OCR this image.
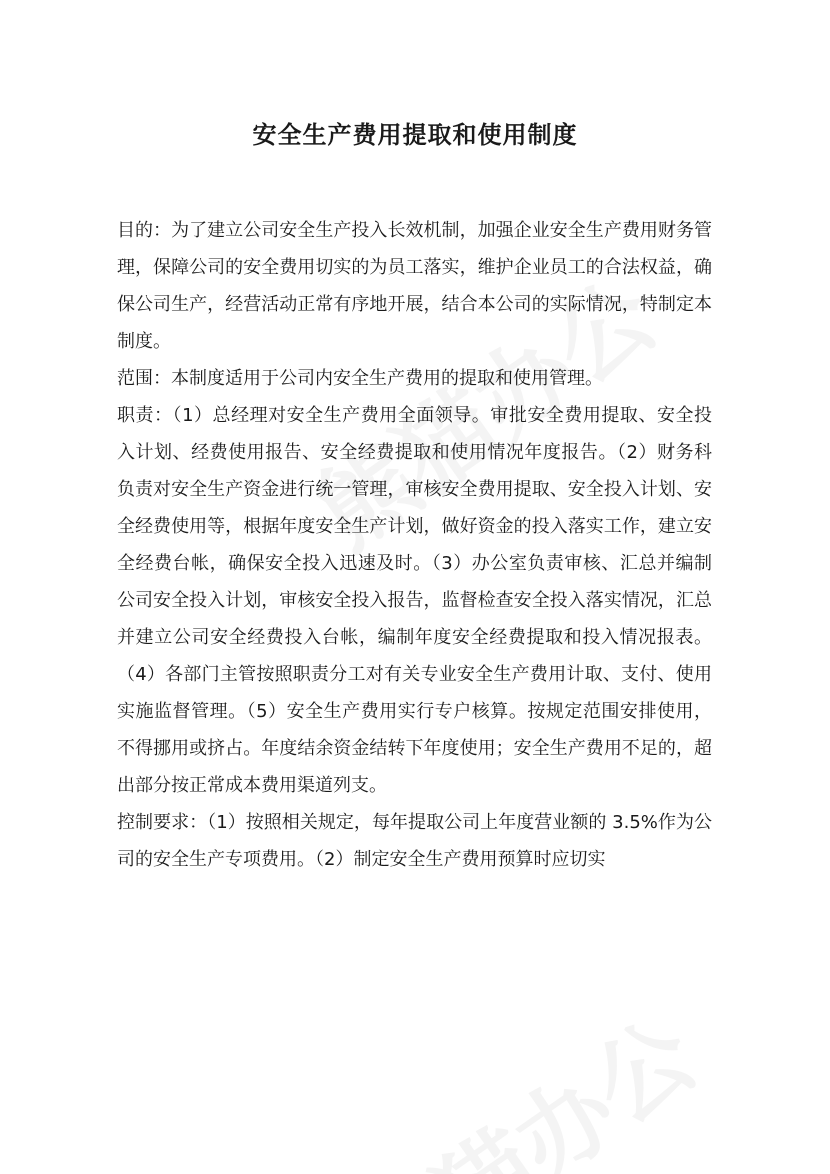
安全生产费用提取和使用制度

目的：为了建立公司安全生产投入长效机制，加强企业安全生产费用财务管理，保障公司的安全费用切实的为员工落实，维护企业员工的合法权益，确保公司生产，经营活动正常有序地开展，结合本公司的实际情况，特制定本制度。

范围：本制度适用于公司内安全生产费用的提取和使用管理。

职责：（1）总经理对安全生产费用全面领导。审批安全费用提取、安全投入计划、经费使用报告、安全经费提取和使用情况年度报告。（2）财务科负责对安全生产资金进行统一管理，审核安全费用提取、安全投入计划、安全经费使用等，根据年度安全生产计划，做好资金的投入落实工作，建立安全经费台帐，确保安全投入迅速及时。（3）办公室负责审核、汇总并编制公司安全投入计划，审核安全投入报告，监督检查安全投入落实情况，汇总并建立公司安全经费投入台帐，编制年度安全经费提取和投入情况报表。（4）各部门主管按照职责分工对有关专业安全生产费用计取、支付、使用实施监督管理。（5）安全生产费用实行专户核算。按规定范围安排使用，不得挪用或挤占。年度结余资金结转下年度使用；安全生产费用不足的，超出部分按正常成本费用渠道列支。

控制要求：（1）按照相关规定，每年提取公司上年度营业额的 3.5%作为公司的安全生产专项费用。（2）制定安全生产费用预算时应切实
